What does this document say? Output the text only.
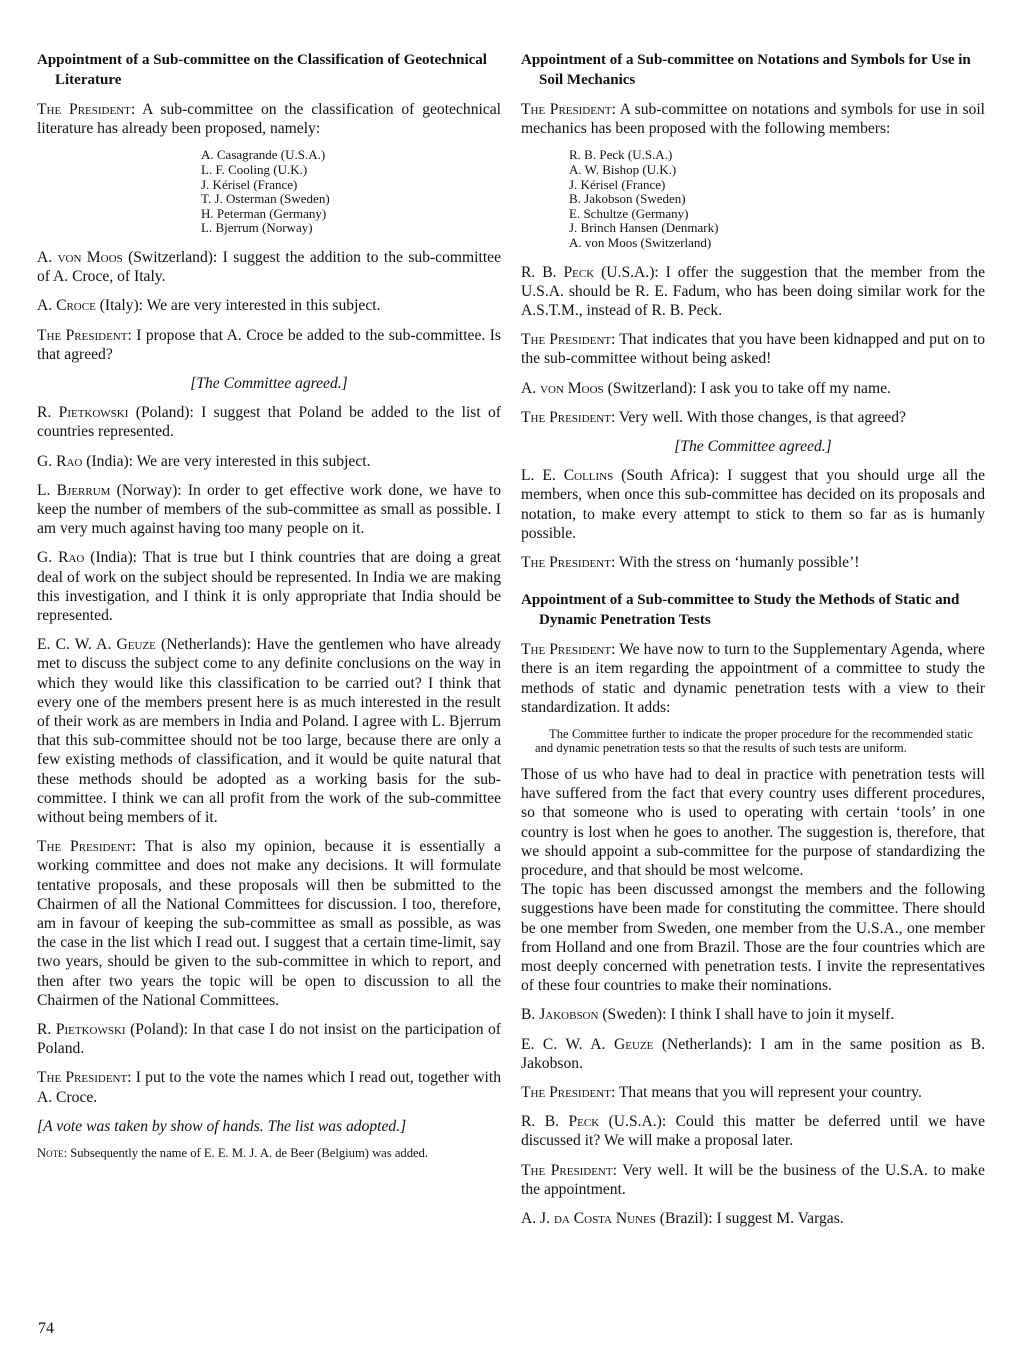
Appointment of a Sub-committee on the Classification of Geotechnical Literature

The President: A sub-committee on the classification of geotechnical literature has already been proposed, namely:

A. Casagrande (U.S.A.)
L. F. Cooling (U.K.)
J. Kérisel (France)
T. J. Osterman (Sweden)
H. Peterman (Germany)
L. Bjerrum (Norway)

A. von Moos (Switzerland): I suggest the addition to the sub-committee of A. Croce, of Italy.

A. Croce (Italy): We are very interested in this subject.

The President: I propose that A. Croce be added to the sub-committee. Is that agreed?

[The Committee agreed.]

R. Pietkowski (Poland): I suggest that Poland be added to the list of countries represented.

G. Rao (India): We are very interested in this subject.

L. Bjerrum (Norway): In order to get effective work done, we have to keep the number of members of the sub-committee as small as possible. I am very much against having too many people on it.

G. Rao (India): That is true but I think countries that are doing a great deal of work on the subject should be represented. In India we are making this investigation, and I think it is only appropriate that India should be represented.

E. C. W. A. Geuze (Netherlands): Have the gentlemen who have already met to discuss the subject come to any definite conclusions on the way in which they would like this classification to be carried out? I think that every one of the members present here is as much interested in the result of their work as are members in India and Poland. I agree with L. Bjerrum that this sub-committee should not be too large, because there are only a few existing methods of classification, and it would be quite natural that these methods should be adopted as a working basis for the sub-committee. I think we can all profit from the work of the sub-committee without being members of it.

The President: That is also my opinion, because it is essentially a working committee and does not make any decisions. It will formulate tentative proposals, and these proposals will then be submitted to the Chairmen of all the National Committees for discussion. I too, therefore, am in favour of keeping the sub-committee as small as possible, as was the case in the list which I read out. I suggest that a certain time-limit, say two years, should be given to the sub-committee in which to report, and then after two years the topic will be open to discussion to all the Chairmen of the National Committees.

R. Pietkowski (Poland): In that case I do not insist on the participation of Poland.

The President: I put to the vote the names which I read out, together with A. Croce.

[A vote was taken by show of hands. The list was adopted.]

Note: Subsequently the name of E. E. M. J. A. de Beer (Belgium) was added.
74
Appointment of a Sub-committee on Notations and Symbols for Use in Soil Mechanics

The President: A sub-committee on notations and symbols for use in soil mechanics has been proposed with the following members:

R. B. Peck (U.S.A.)
A. W. Bishop (U.K.)
J. Kérisel (France)
B. Jakobson (Sweden)
E. Schultze (Germany)
J. Brinch Hansen (Denmark)
A. von Moos (Switzerland)

R. B. Peck (U.S.A.): I offer the suggestion that the member from the U.S.A. should be R. E. Fadum, who has been doing similar work for the A.S.T.M., instead of R. B. Peck.

The President: That indicates that you have been kidnapped and put on to the sub-committee without being asked!

A. von Moos (Switzerland): I ask you to take off my name.

The President: Very well. With those changes, is that agreed?

[The Committee agreed.]

L. E. Collins (South Africa): I suggest that you should urge all the members, when once this sub-committee has decided on its proposals and notation, to make every attempt to stick to them so far as is humanly possible.

The President: With the stress on ‘humanly possible’!

Appointment of a Sub-committee to Study the Methods of Static and Dynamic Penetration Tests

The President: We have now to turn to the Supplementary Agenda, where there is an item regarding the appointment of a committee to study the methods of static and dynamic penetration tests with a view to their standardization. It adds:

The Committee further to indicate the proper procedure for the recommended static and dynamic penetration tests so that the results of such tests are uniform.

Those of us who have had to deal in practice with penetration tests will have suffered from the fact that every country uses different procedures, so that someone who is used to operating with certain ‘tools’ in one country is lost when he goes to another. The suggestion is, therefore, that we should appoint a sub-committee for the purpose of standardizing the procedure, and that should be most welcome.

The topic has been discussed amongst the members and the following suggestions have been made for constituting the committee. There should be one member from Sweden, one member from the U.S.A., one member from Holland and one from Brazil. Those are the four countries which are most deeply concerned with penetration tests. I invite the representatives of these four countries to make their nominations.

B. Jakobson (Sweden): I think I shall have to join it myself.

E. C. W. A. Geuze (Netherlands): I am in the same position as B. Jakobson.

The President: That means that you will represent your country.

R. B. Peck (U.S.A.): Could this matter be deferred until we have discussed it? We will make a proposal later.

The President: Very well. It will be the business of the U.S.A. to make the appointment.

A. J. da Costa Nunes (Brazil): I suggest M. Vargas.
